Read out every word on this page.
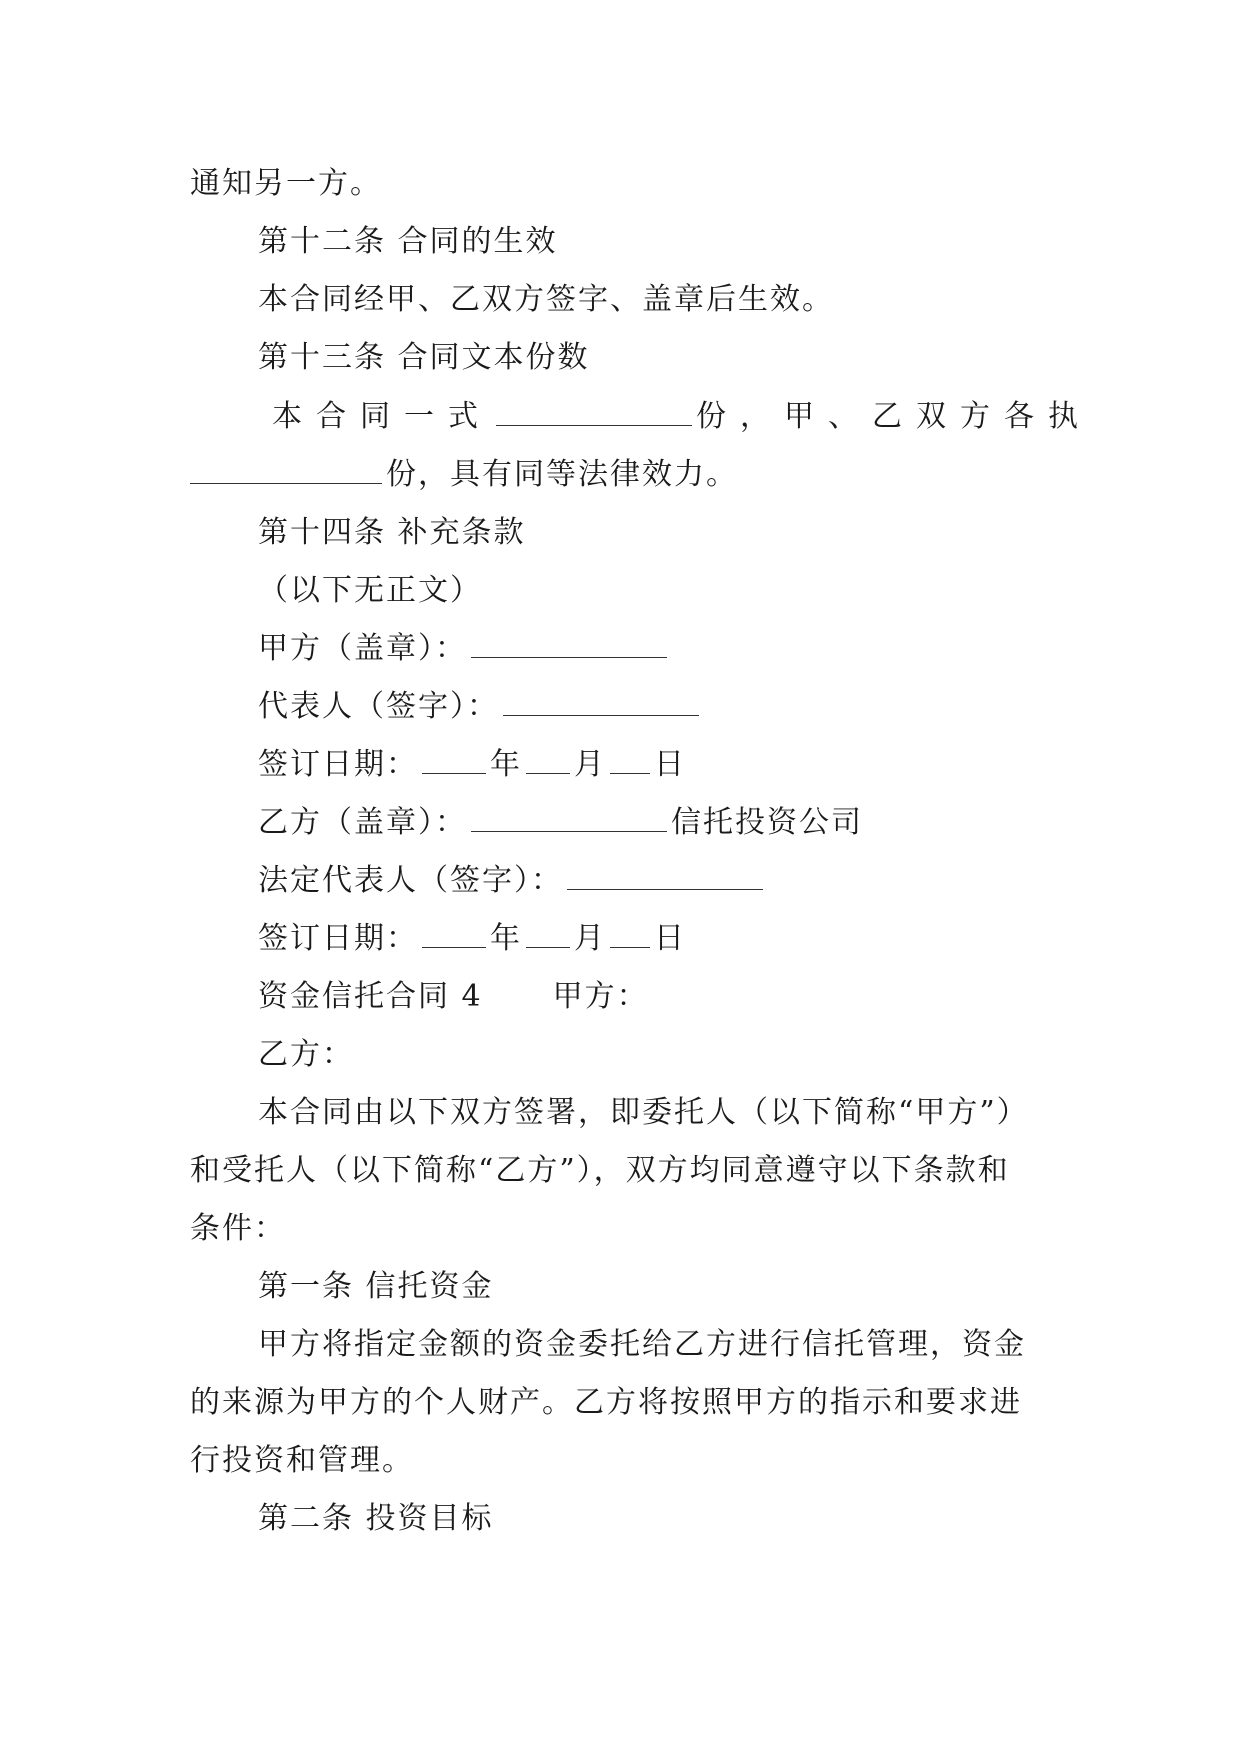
通知另一方。
第十二条 合同的生效
本合同经甲、乙双方签字、盖章后生效。
第十三条 合同文本份数
本合同一式	份，甲、乙双方各执
份，具有同等法律效力。
第十四条 补充条款
（以下无正文）
甲方（盖章）：
代表人（签字）：
签订日期： 年 月 日
乙方（盖章）：	信托投资公司
法定代表人（签字）：
签订日期： 年 月 日
资金信托合同 4 甲方：
乙方：
本合同由以下双方签署，即委托人（以下简称“甲方”）
和受托人（以下简称“乙方”），双方均同意遵守以下条款和
条件：
第一条 信托资金
甲方将指定金额的资金委托给乙方进行信托管理，资金
的来源为甲方的个人财产。乙方将按照甲方的指示和要求进
行投资和管理。
第二条 投资目标
